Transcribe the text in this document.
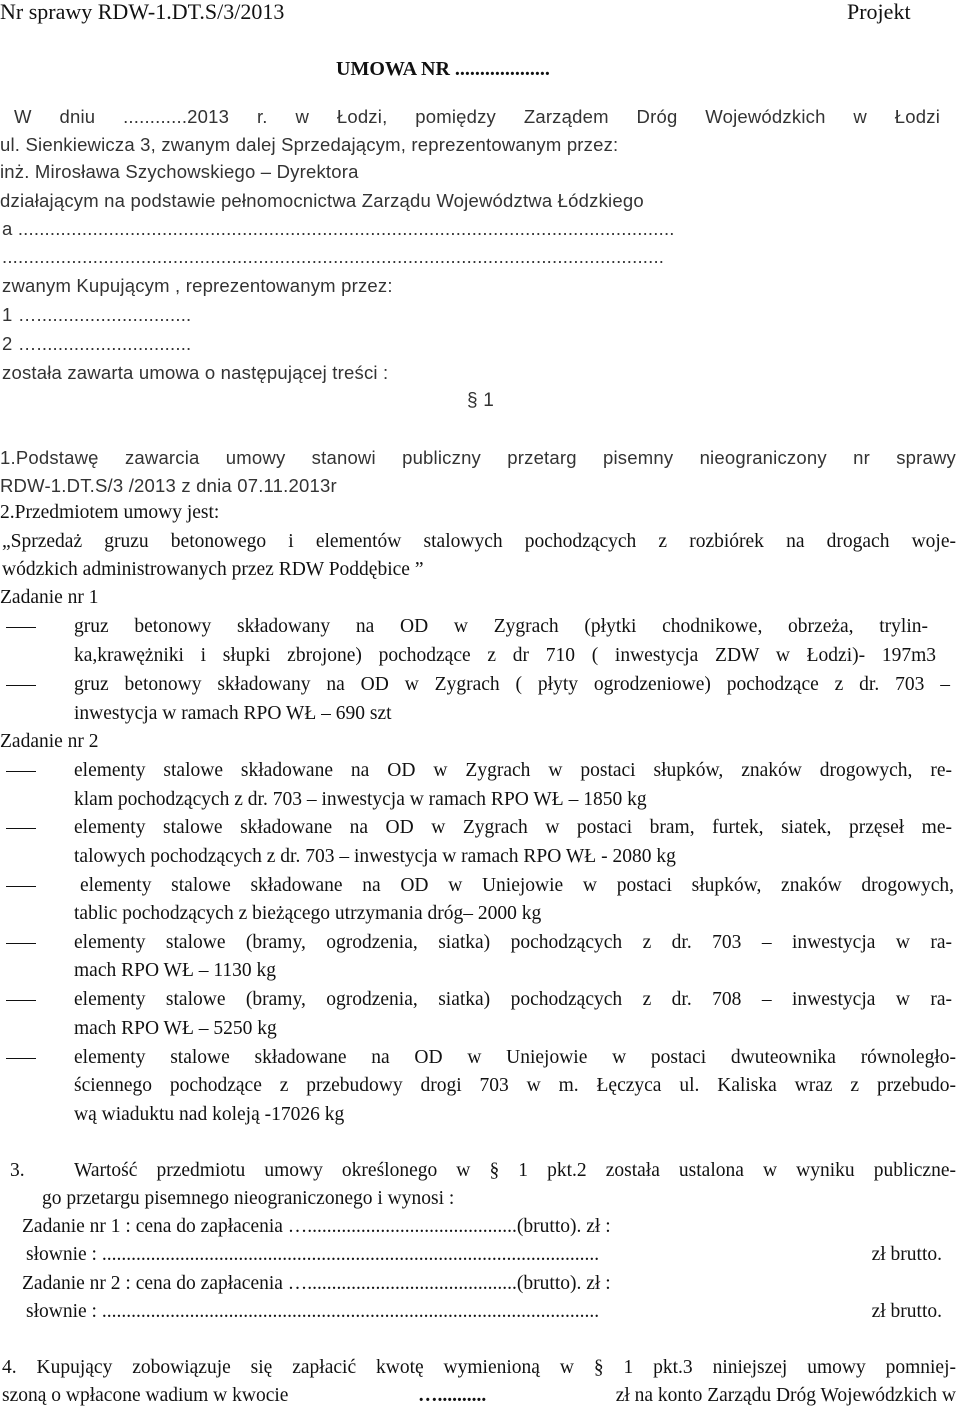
Nr sprawy RDW-1.DT.S/3/2013	Projekt
UMOWA NR ...................
W dniu ............2013 r. w Łodzi, pomiędzy Zarządem Dróg Wojewódzkich w Łodzi
ul. Sienkiewicza 3, zwanym dalej Sprzedającym, reprezentowanym przez:
inż. Mirosława Szychowskiego – Dyrektora
działającym na podstawie pełnomocnictwa Zarządu Województwa Łódzkiego
a ...........................................................................................................................
............................................................................................................................
zwanym Kupującym , reprezentowanym przez:
1 ….............................
2 ….............................
została zawarta umowa o następującej treści :
§ 1
1.Podstawę zawarcia umowy stanowi publiczny przetarg pisemny nieograniczony nr sprawy
RDW-1.DT.S/3 /2013 z dnia 07.11.2013r
2.Przedmiotem umowy jest:
„Sprzedaż gruzu betonowego i elementów stalowych pochodzących z rozbiórek na drogach woje-
wódzkich administrowanych przez RDW Poddębice ”
Zadanie nr 1
gruz betonowy składowany na OD w Zygrach (płytki chodnikowe, obrzeża, trylin-
ka,krawężniki i słupki zbrojone) pochodzące z dr 710 ( inwestycja ZDW w Łodzi)- 197m3
gruz betonowy składowany na OD w Zygrach ( płyty ogrodzeniowe) pochodzące z dr. 703 –
inwestycja w ramach RPO WŁ – 690 szt
Zadanie nr 2
elementy stalowe składowane na OD w Zygrach w postaci słupków, znaków drogowych, re-
klam pochodzących z dr. 703 – inwestycja w ramach RPO WŁ – 1850 kg
elementy stalowe składowane na OD w Zygrach w postaci bram, furtek, siatek, przęseł me-
talowych pochodzących z dr. 703 – inwestycja w ramach RPO WŁ - 2080 kg
elementy stalowe składowane na OD w Uniejowie w postaci słupków, znaków drogowych,
tablic pochodzących z bieżącego utrzymania dróg– 2000 kg
elementy stalowe (bramy, ogrodzenia, siatka) pochodzących z dr. 703 – inwestycja w ra-
mach RPO WŁ – 1130 kg
elementy stalowe (bramy, ogrodzenia, siatka) pochodzących z dr. 708 – inwestycja w ra-
mach RPO WŁ – 5250 kg
elementy stalowe składowane na OD w Uniejowie w postaci dwuteownika równoległo-
ściennego pochodzące z przebudowy drogi 703 w m. Łęczyca ul. Kaliska wraz z przebudo-
wą wiaduktu nad koleją -17026 kg
3.	Wartość przedmiotu umowy określonego w § 1 pkt.2 została ustalona w wyniku publiczne-
go przetargu pisemnego nieograniczonego i wynosi :
Zadanie nr 1 : cena do zapłacenia …...........................................(brutto). zł :
słownie : ......................................................................................................	zł brutto.
Zadanie nr 2 : cena do zapłacenia …...........................................(brutto). zł :
słownie : ......................................................................................................	zł brutto.
4. Kupujący zobowiązuje się zapłacić kwotę wymienioną w § 1 pkt.3 niniejszej umowy pomniej-
szoną o wpłacone wadium w kwocie	…..........	zł na konto Zarządu Dróg Wojewódzkich w
